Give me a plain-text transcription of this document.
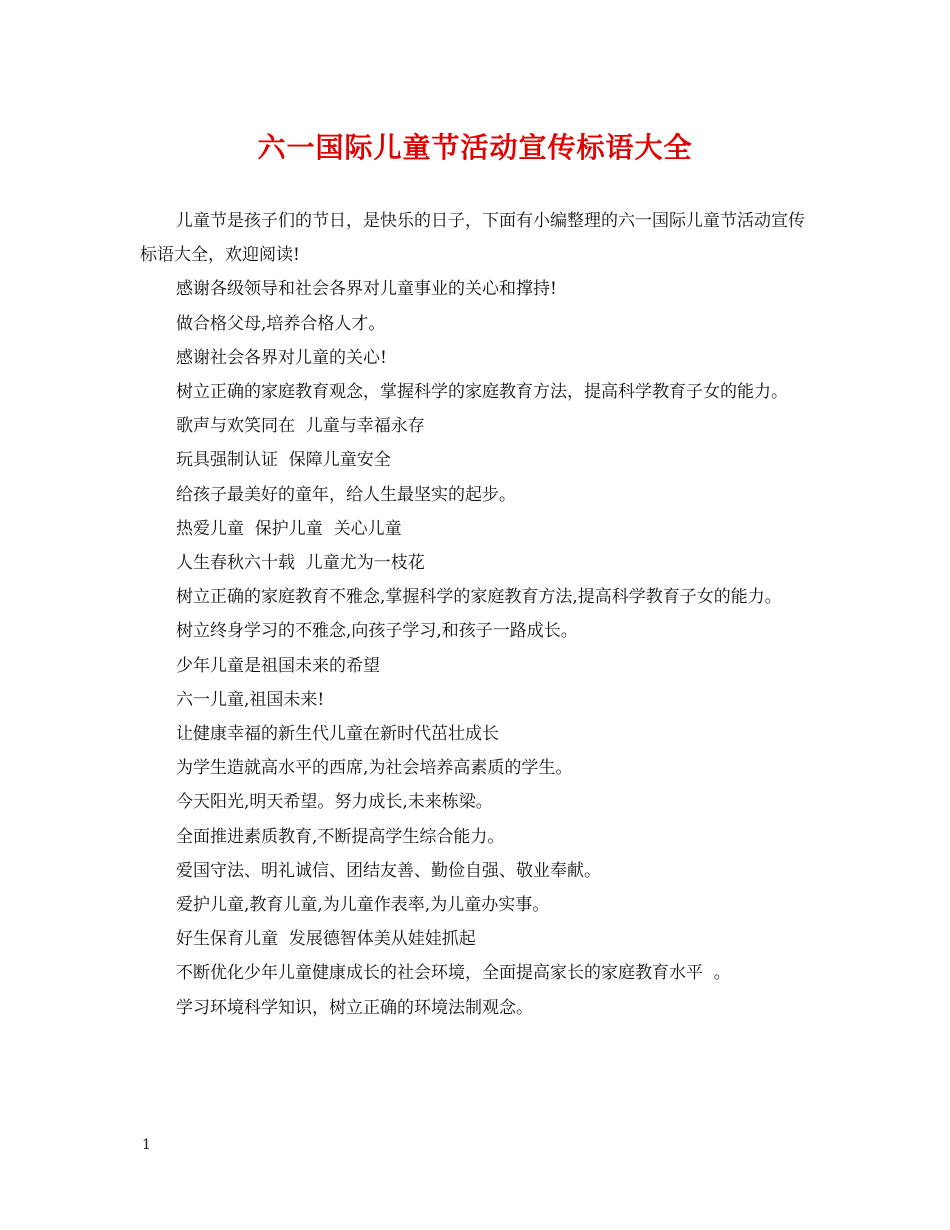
六一国际儿童节活动宣传标语大全

儿童节是孩子们的节日，是快乐的日子，下面有小编整理的六一国际儿童节活动宣传标语大全，欢迎阅读!

感谢各级领导和社会各界对儿童事业的关心和撑持!

做合格父母,培养合格人才。

感谢社会各界对儿童的关心!

树立正确的家庭教育观念，掌握科学的家庭教育方法，提高科学教育子女的能力。

歌声与欢笑同在  儿童与幸福永存

玩具强制认证  保障儿童安全

给孩子最美好的童年，给人生最坚实的起步。

热爱儿童  保护儿童  关心儿童

人生春秋六十载  儿童尤为一枝花

树立正确的家庭教育不雅念,掌握科学的家庭教育方法,提高科学教育子女的能力。

树立终身学习的不雅念,向孩子学习,和孩子一路成长。

少年儿童是祖国未来的希望

六一儿童,祖国未来!

让健康幸福的新生代儿童在新时代茁壮成长

为学生造就高水平的西席,为社会培养高素质的学生。

今天阳光,明天希望。努力成长,未来栋梁。

全面推进素质教育,不断提高学生综合能力。

爱国守法、明礼诚信、团结友善、勤俭自强、敬业奉献。

爱护儿童,教育儿童,为儿童作表率,为儿童办实事。

好生保育儿童  发展德智体美从娃娃抓起

不断优化少年儿童健康成长的社会环境，全面提高家长的家庭教育水平  。

学习环境科学知识，树立正确的环境法制观念。

1
